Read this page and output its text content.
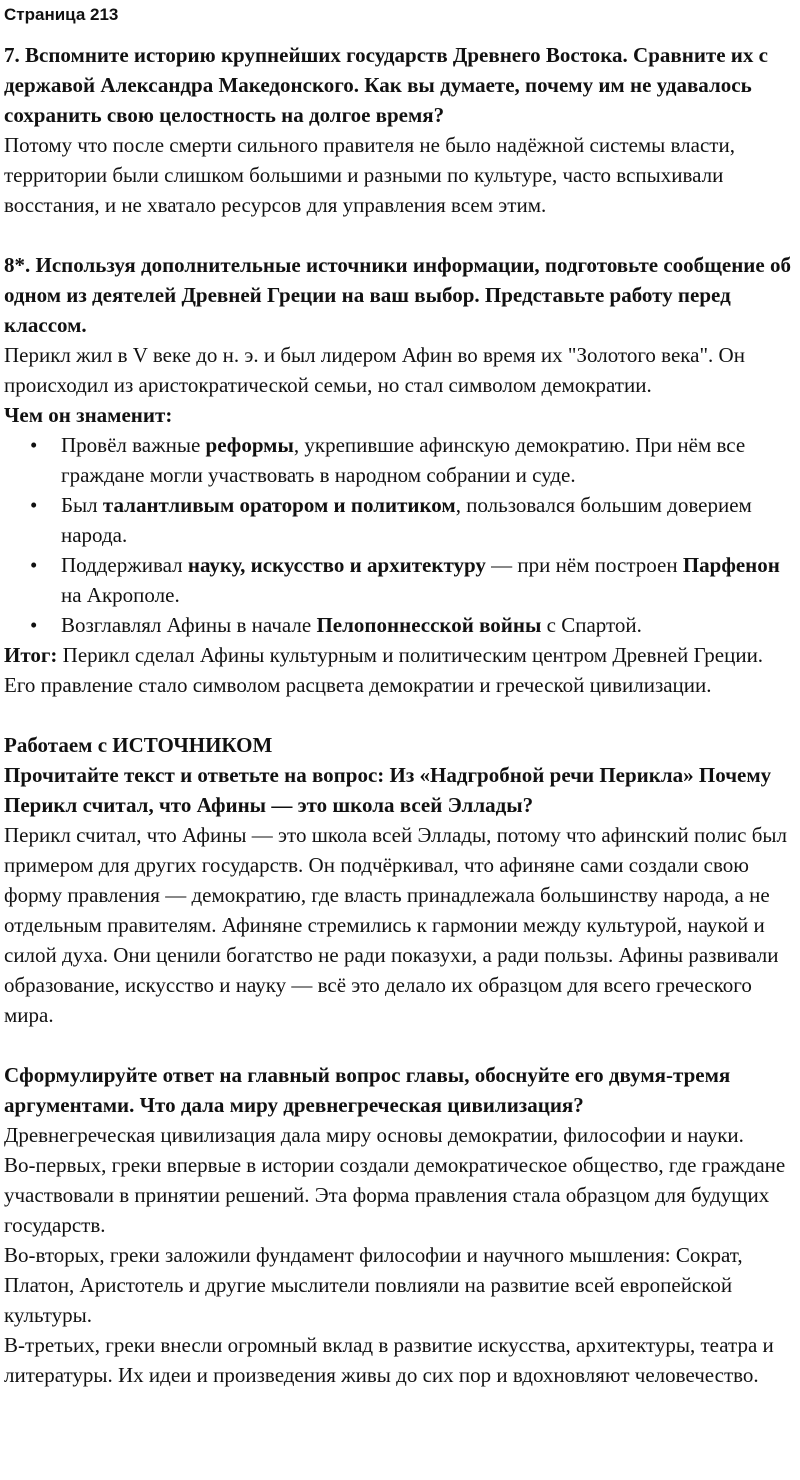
Страница 213

7. Вспомните историю крупнейших государств Древнего Востока. Сравните их с державой Александра Македонского. Как вы думаете, почему им не удавалось сохранить свою целостность на долгое время?

Потому что после смерти сильного правителя не было надёжной системы власти, территории были слишком большими и разными по культуре, часто вспыхивали восстания, и не хватало ресурсов для управления всем этим.

8*. Используя дополнительные источники информации, подготовьте сообщение об одном из деятелей Древней Греции на ваш выбор. Представьте работу перед классом.

Перикл жил в V веке до н. э. и был лидером Афин во время их "Золотого века". Он происходил из аристократической семьи, но стал символом демократии.

Чем он знаменит:

• Провёл важные реформы, укрепившие афинскую демократию. При нём все граждане могли участвовать в народном собрании и суде.
• Был талантливым оратором и политиком, пользовался большим доверием народа.
• Поддерживал науку, искусство и архитектуру — при нём построен Парфенон на Акрополе.
• Возглавлял Афины в начале Пелопоннесской войны с Спартой.

Итог: Перикл сделал Афины культурным и политическим центром Древней Греции. Его правление стало символом расцвета демократии и греческой цивилизации.

Работаем с ИСТОЧНИКОМ

Прочитайте текст и ответьте на вопрос: Из «Надгробной речи Перикла» Почему Перикл считал, что Афины — это школа всей Эллады?

Перикл считал, что Афины — это школа всей Эллады, потому что афинский полис был примером для других государств. Он подчёркивал, что афиняне сами создали свою форму правления — демократию, где власть принадлежала большинству народа, а не отдельным правителям. Афиняне стремились к гармонии между культурой, наукой и силой духа. Они ценили богатство не ради показухи, а ради пользы. Афины развивали образование, искусство и науку — всё это делало их образцом для всего греческого мира.

Сформулируйте ответ на главный вопрос главы, обоснуйте его двумя-тремя аргументами. Что дала миру древнегреческая цивилизация?

Древнегреческая цивилизация дала миру основы демократии, философии и науки.

Во-первых, греки впервые в истории создали демократическое общество, где граждане участвовали в принятии решений. Эта форма правления стала образцом для будущих государств.

Во-вторых, греки заложили фундамент философии и научного мышления: Сократ, Платон, Аристотель и другие мыслители повлияли на развитие всей европейской культуры.

В-третьих, греки внесли огромный вклад в развитие искусства, архитектуры, театра и литературы. Их идеи и произведения живы до сих пор и вдохновляют человечество.
